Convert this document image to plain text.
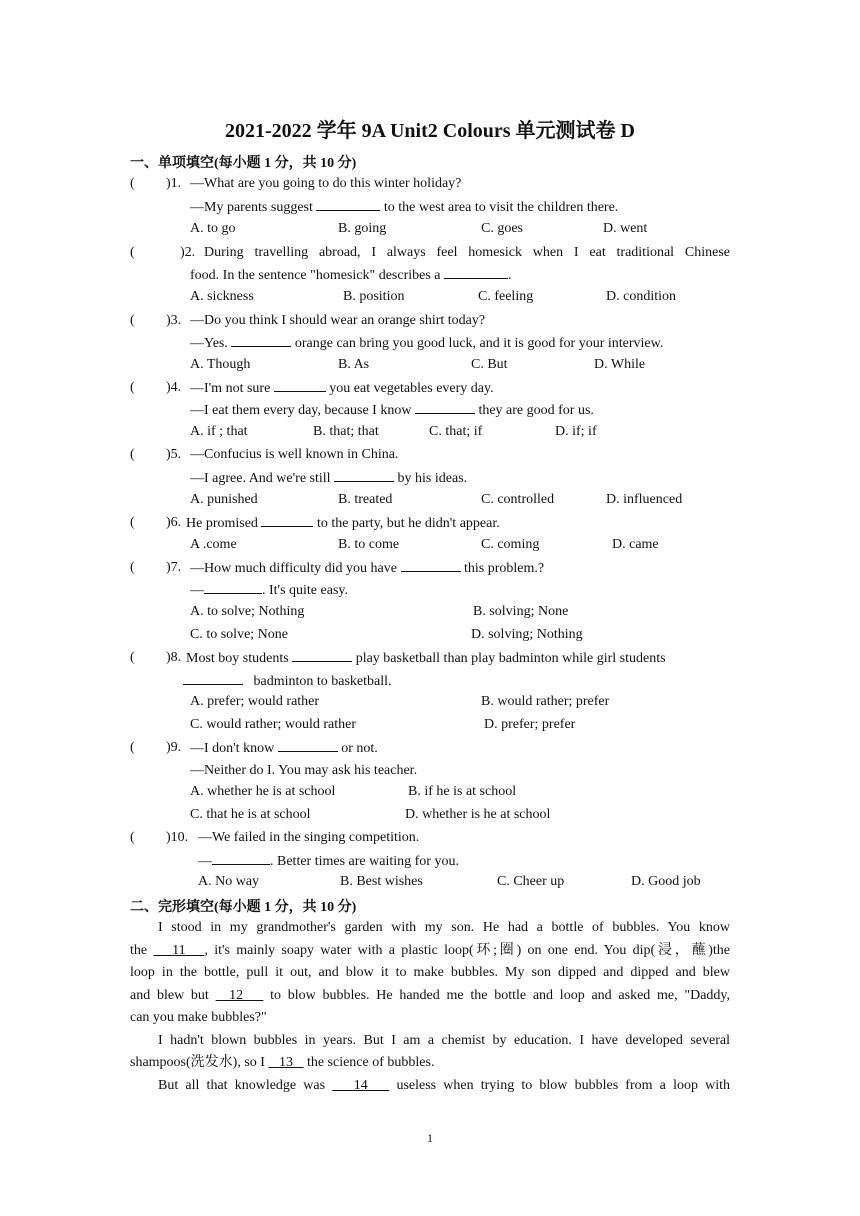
2021-2022 学年 9A Unit2 Colours 单元测试卷 D
一、单项填空(每小题 1 分，共 10 分)
( )1. —What are you going to do this winter holiday?
—My parents suggest	to the west area to visit the children there.
A. to go	B. going	C. goes	D. went
(	)2. During travelling abroad, I always feel homesick when I eat traditional Chinese
food. In the sentence "homesick" describes a	.
A. sickness	B. position	C. feeling	D. condition
( )3. —Do you think I should wear an orange shirt today?
—Yes.	orange can bring you good luck, and it is good for your interview.
A. Though	B. As	C. But	D. While
( )4. —I'm not sure	you eat vegetables every day.
—I eat them every day, because I know	they are good for us.
A. if ; that	B. that; that	C. that; if	D. if; if
( )5. —Confucius is well known in China.
—I agree. And we're still	by his ideas.
A. punished	B. treated	C. controlled	D. influenced
( )6. He promised	to the party, but he didn't appear.
A .come	B. to come	C. coming	D. came
( )7. —How much difficulty did you have	this problem.?
—	. It's quite easy.
A. to solve; Nothing	B. solving; None
C. to solve; None	D. solving; Nothing
( )8. Most boy students	play basketball than play badminton while girl students
badminton to basketball.
A. prefer; would rather	B. would rather; prefer
C. would rather; would rather	D. prefer; prefer
( )9. —I don't know	or not.
—Neither do I. You may ask his teacher.
A. whether he is at school	B. if he is at school
C. that he is at school	D. whether is he at school
( )10. —We failed in the singing competition.
—	. Better times are waiting for you.
A. No way	B. Best wishes	C. Cheer up	D. Good job
二、完形填空(每小题 1 分，共 10 分)
I stood in my grandmother's garden with my son. He had a bottle of bubbles. You know
the 11 , it's mainly soapy water with a plastic loop(环;圈) on one end. You dip(浸，蘸)the
loop in the bottle, pull it out, and blow it to make bubbles. My son dipped and dipped and blew
and blew but 12 to blow bubbles. He handed me the bottle and loop and asked me, "Daddy,
can you make bubbles?"
I hadn't blown bubbles in years. But I am a chemist by education. I have developed several
shampoos(洗发水), so I 13 the science of bubbles.
But all that knowledge was 14 useless when trying to blow bubbles from a loop with
1
